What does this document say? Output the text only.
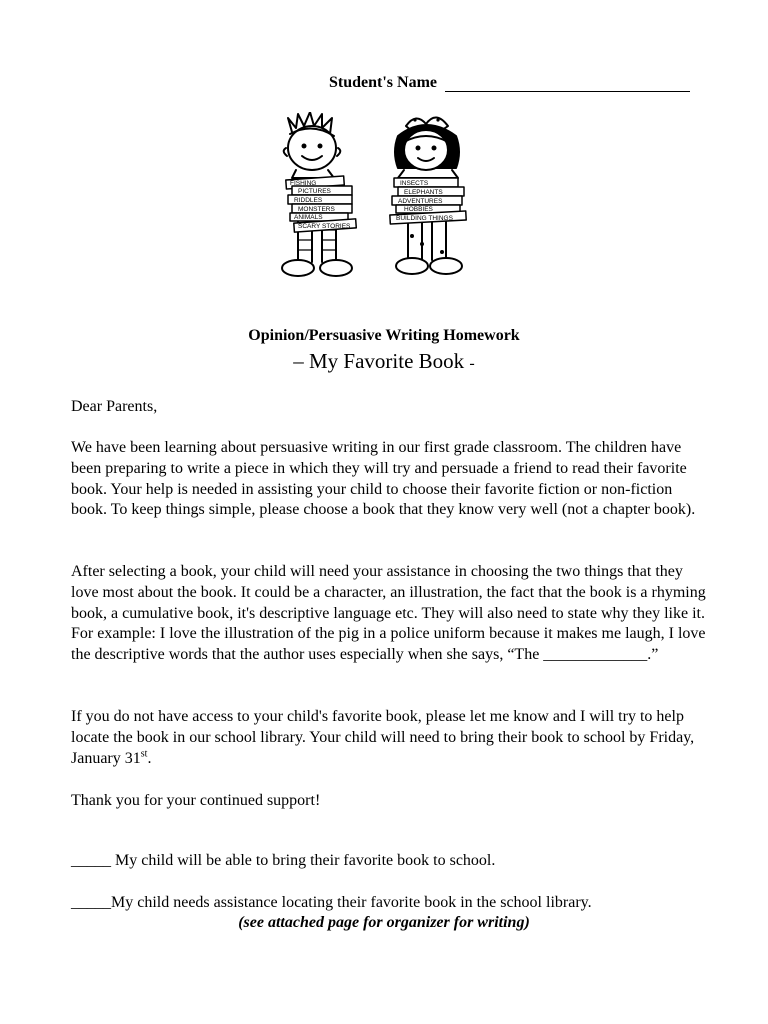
Student's Name
FISHING
PICTURES
RIDDLES
MONSTERS
ANIMALS
SCARY STORIES
INSECTS
ELEPHANTS
ADVENTURES
HOBBIES
BUILDING THINGS
Opinion/Persuasive Writing Homework
– My Favorite Book -

Dear Parents,

We have been learning about persuasive writing in our first grade classroom. The children have been preparing to write a piece in which they will try and persuade a friend to read their favorite book. Your help is needed in assisting your child to choose their favorite fiction or non-fiction book. To keep things simple, please choose a book that they know very well (not a chapter book).

After selecting a book, your child will need your assistance in choosing the two things that they love most about the book. It could be a character, an illustration, the fact that the book is a rhyming book, a cumulative book, it's descriptive language etc. They will also need to state why they like it. For example: I love the illustration of the pig in a police uniform because it makes me laugh, I love the descriptive words that the author uses especially when she says, “The _____________.”

If you do not have access to your child's favorite book, please let me know and I will try to help locate the book in our school library. Your child will need to bring their book to school by Friday, January 31st.

Thank you for your continued support!

_____ My child will be able to bring their favorite book to school.
_____My child needs assistance locating their favorite book in the school library.
(see attached page for organizer for writing)
